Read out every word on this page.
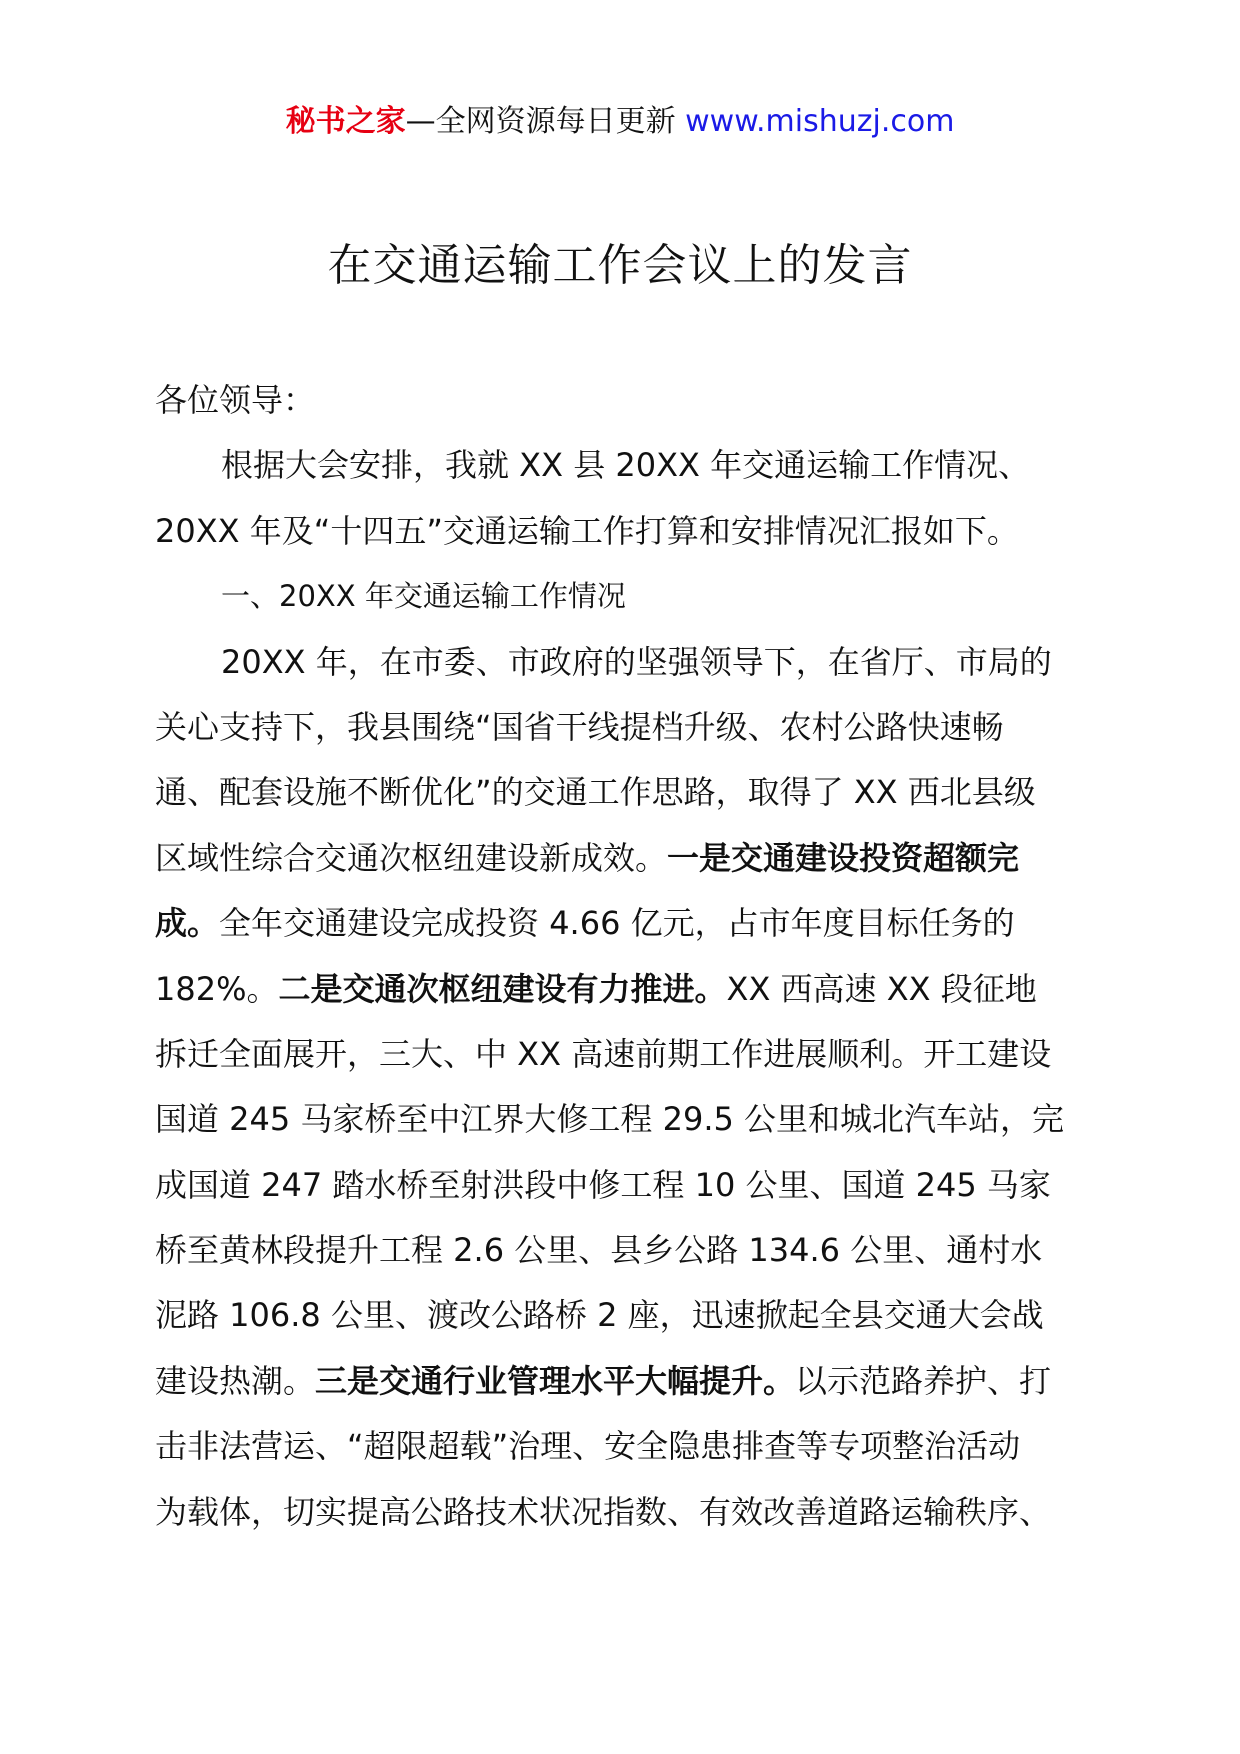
秘书之家—全网资源每日更新 www.mishuzj.com
在交通运输工作会议上的发言
各位领导：
根据大会安排，我就 XX 县 20XX 年交通运输工作情况、
20XX 年及“十四五”交通运输工作打算和安排情况汇报如下。
一、20XX 年交通运输工作情况
20XX 年，在市委、市政府的坚强领导下，在省厅、市局的
关心支持下，我县围绕“国省干线提档升级、农村公路快速畅
通、配套设施不断优化”的交通工作思路，取得了 XX 西北县级
区域性综合交通次枢纽建设新成效。一是交通建设投资超额完
成。全年交通建设完成投资 4.66 亿元，占市年度目标任务的
182%。二是交通次枢纽建设有力推进。XX 西高速 XX 段征地
拆迁全面展开，三大、中 XX 高速前期工作进展顺利。开工建设
国道 245 马家桥至中江界大修工程 29.5 公里和城北汽车站，完
成国道 247 踏水桥至射洪段中修工程 10 公里、国道 245 马家
桥至黄林段提升工程 2.6 公里、县乡公路 134.6 公里、通村水
泥路 106.8 公里、渡改公路桥 2 座，迅速掀起全县交通大会战
建设热潮。三是交通行业管理水平大幅提升。以示范路养护、打
击非法营运、“超限超载”治理、安全隐患排查等专项整治活动
为载体，切实提高公路技术状况指数、有效改善道路运输秩序、
